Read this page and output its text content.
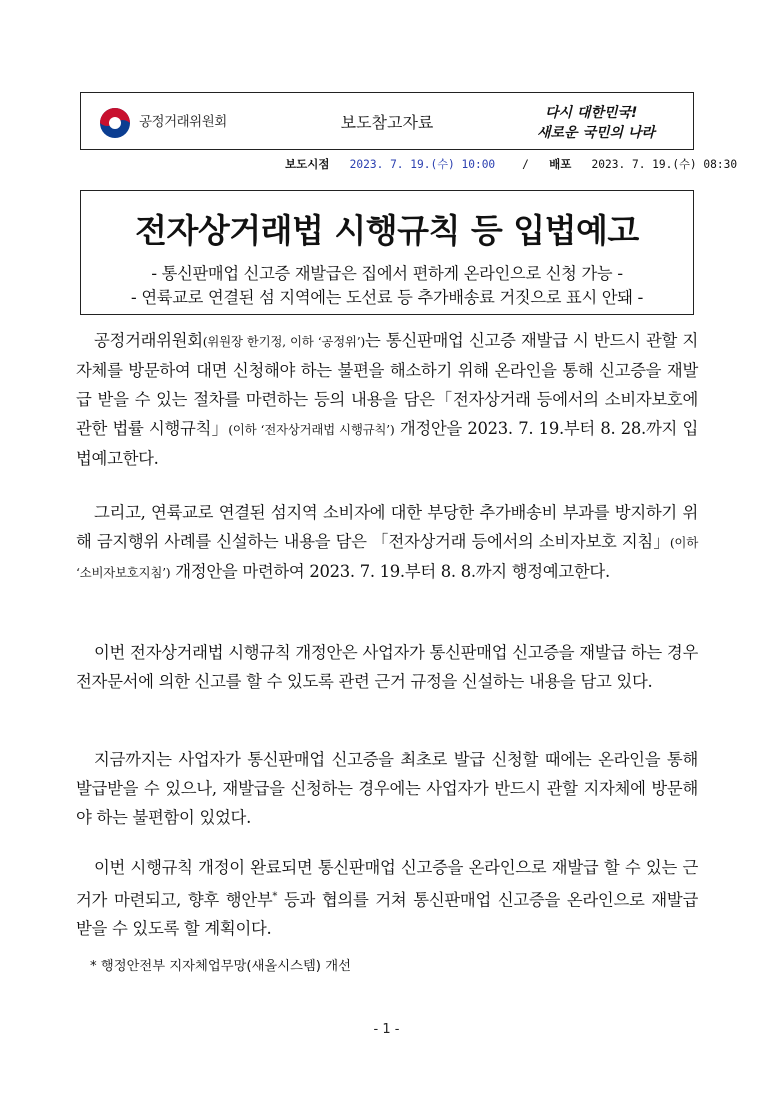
공정거래위원회	보도참고자료	다시 대한민국!
새로운 국민의 나라
보도시점 2023. 7. 19.(수) 10:00 / 배포 2023. 7. 19.(수) 08:30
전자상거래법 시행규칙 등 입법예고
- 통신판매업 신고증 재발급은 집에서 편하게 온라인으로 신청 가능 -
- 연륙교로 연결된 섬 지역에는 도선료 등 추가배송료 거짓으로 표시 안돼 -

공정거래위원회(위원장 한기정, 이하 ‘공정위’)는 통신판매업 신고증 재발급 시 반드시 관할 지자체를 방문하여 대면 신청해야 하는 불편을 해소하기 위해 온라인을 통해 신고증을 재발급 받을 수 있는 절차를 마련하는 등의 내용을 담은「전자상거래 등에서의 소비자보호에 관한 법률 시행규칙」(이하 ‘전자상거래법 시행규칙’) 개정안을 2023. 7. 19.부터 8. 28.까지 입법예고한다.

그리고, 연륙교로 연결된 섬지역 소비자에 대한 부당한 추가배송비 부과를 방지하기 위해 금지행위 사례를 신설하는 내용을 담은 「전자상거래 등에서의 소비자보호 지침」(이하 ‘소비자보호지침’) 개정안을 마련하여 2023. 7. 19.부터 8. 8.까지 행정예고한다.

이번 전자상거래법 시행규칙 개정안은 사업자가 통신판매업 신고증을 재발급 하는 경우 전자문서에 의한 신고를 할 수 있도록 관련 근거 규정을 신설하는 내용을 담고 있다.

지금까지는 사업자가 통신판매업 신고증을 최초로 발급 신청할 때에는 온라인을 통해 발급받을 수 있으나, 재발급을 신청하는 경우에는 사업자가 반드시 관할 지자체에 방문해야 하는 불편함이 있었다.

이번 시행규칙 개정이 완료되면 통신판매업 신고증을 온라인으로 재발급 할 수 있는 근거가 마련되고, 향후 행안부* 등과 협의를 거쳐 통신판매업 신고증을 온라인으로 재발급 받을 수 있도록 할 계획이다.

* 행정안전부 지자체업무망(새올시스템) 개선
- 1 -
